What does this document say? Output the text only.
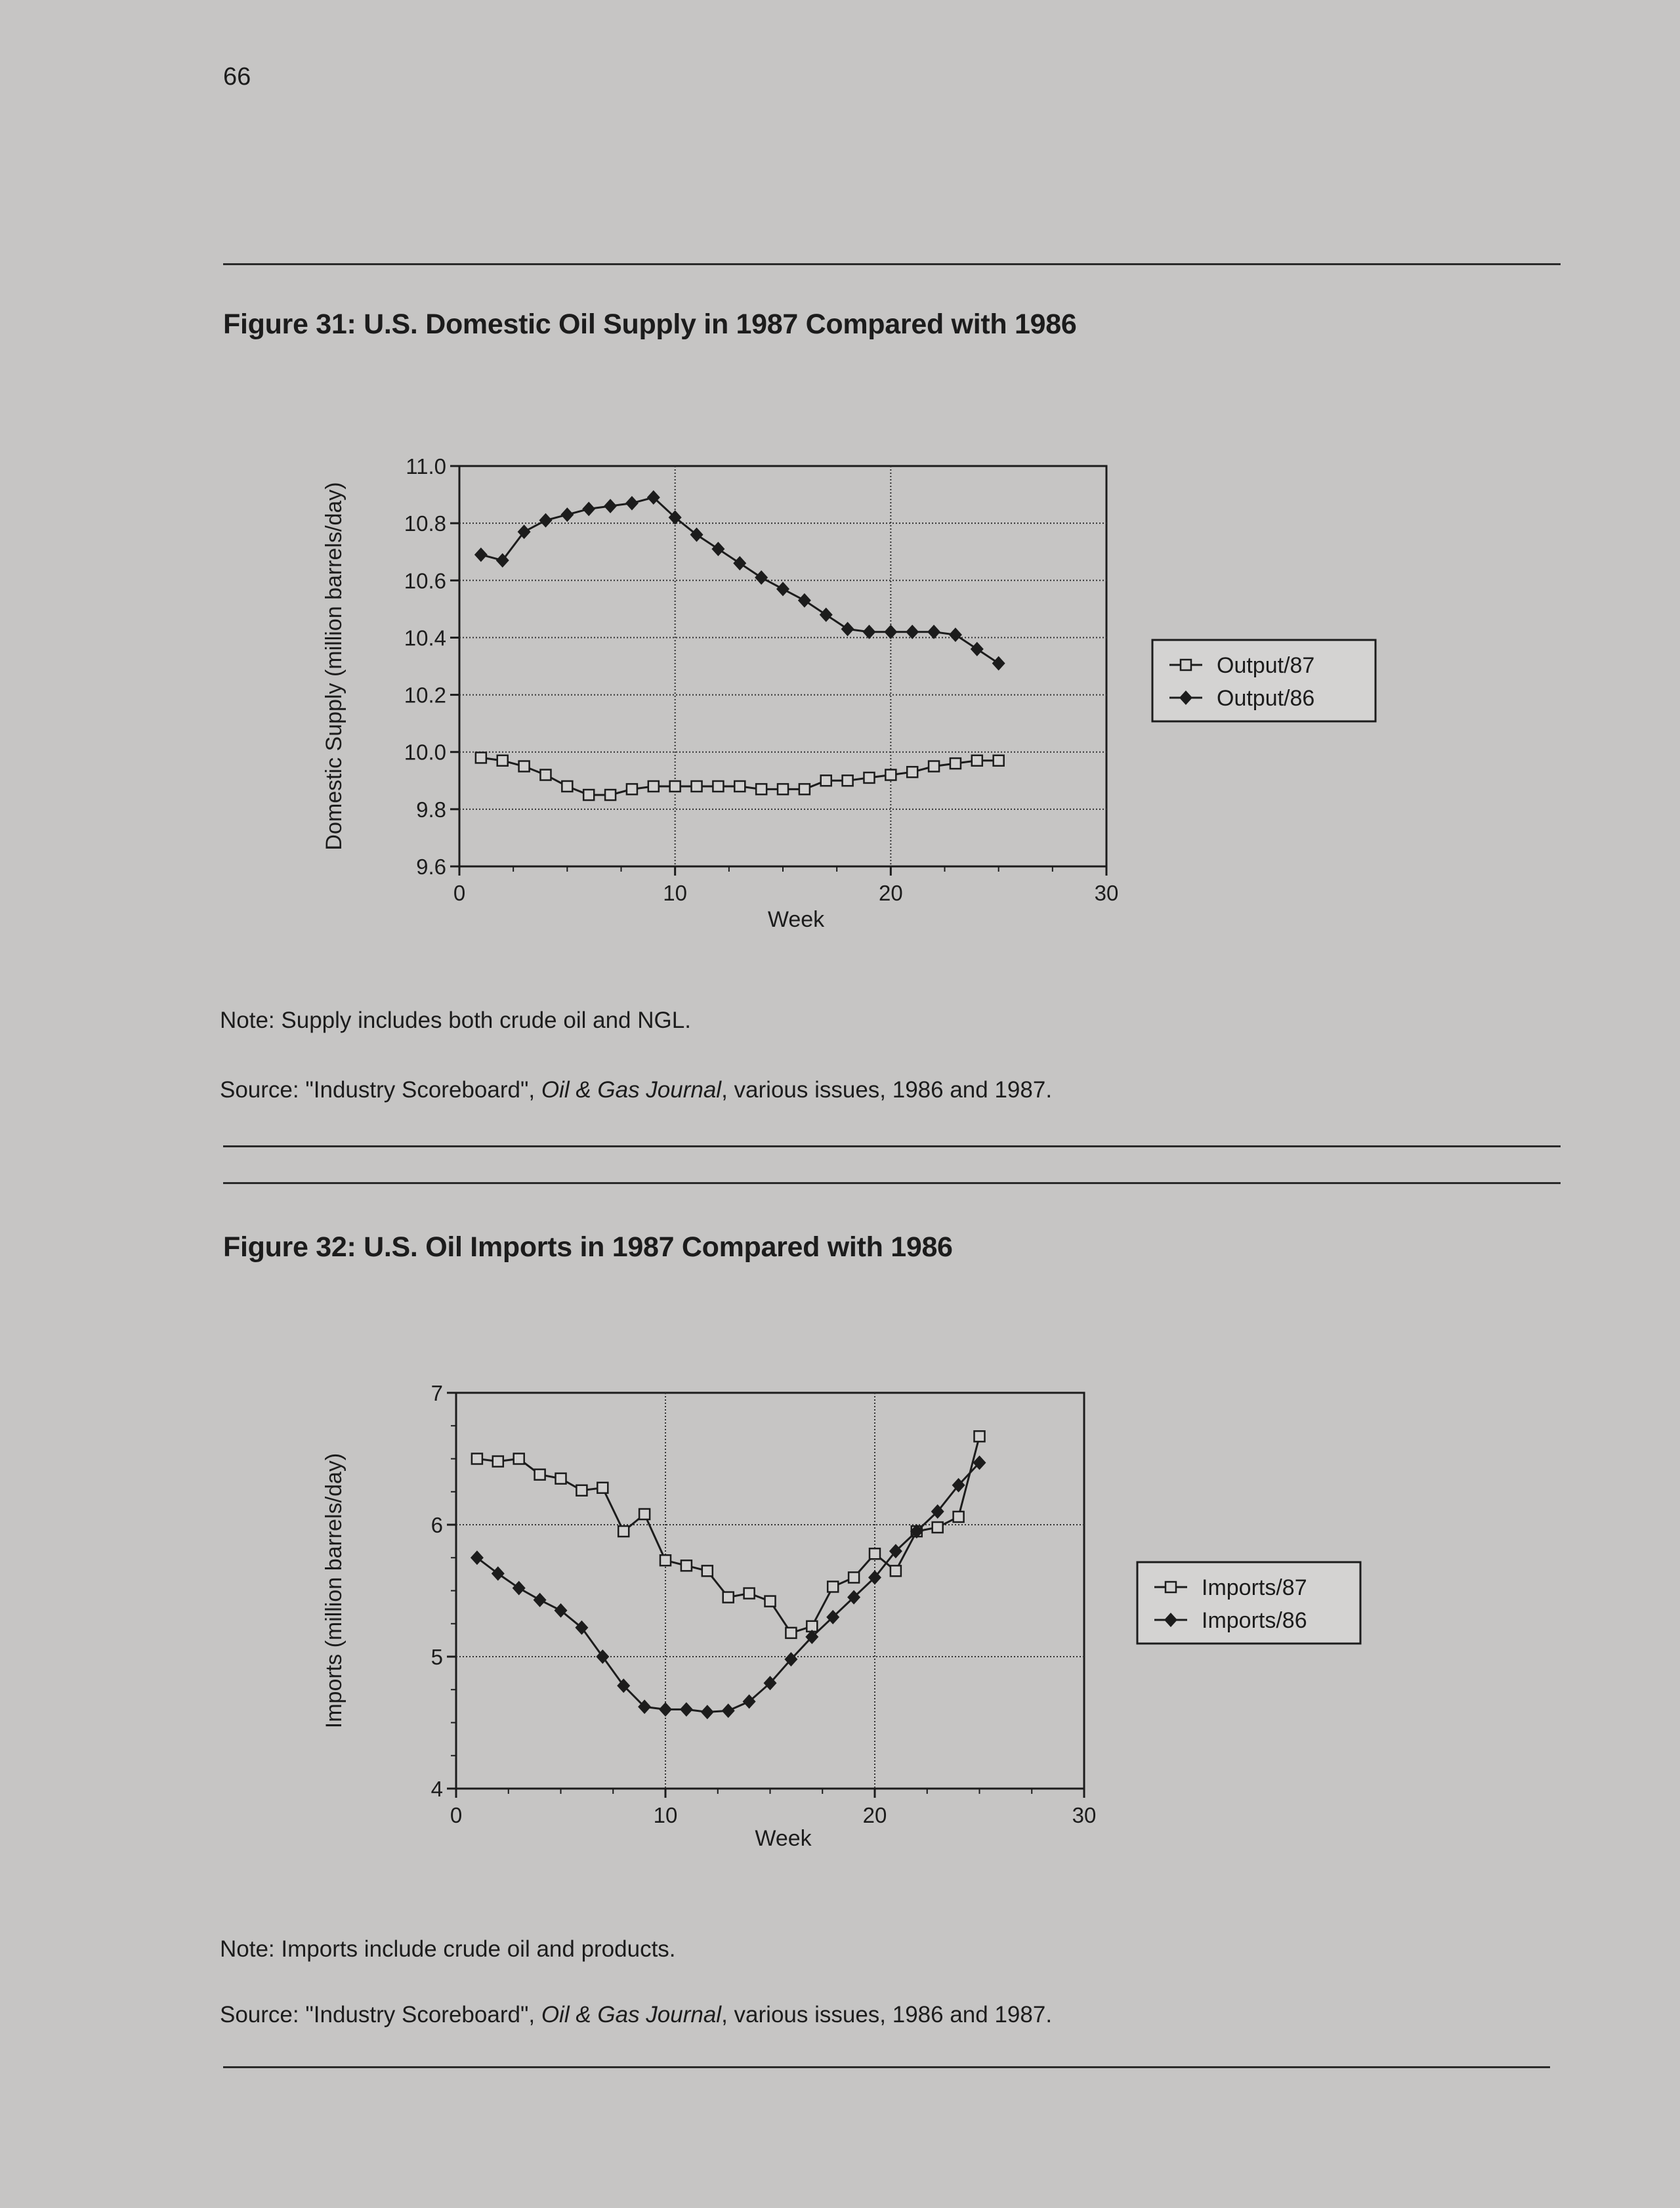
66
Figure 31: U.S. Domestic Oil Supply in 1987 Compared with 1986
9.6
9.8
10.0
10.2
10.4
10.6
10.8
11.0
0	10	20	30
Week
Domestic Supply (million barrels/day)	Output/87
Output/86
Note: Supply includes both crude oil and NGL.
Source: "Industry Scoreboard", Oil & Gas Journal, various issues, 1986 and 1987.
Figure 32: U.S. Oil Imports in 1987 Compared with 1986
4
5
6
7
0	10	20	30
Week
Imports (million barrels/day)	Imports/87
Imports/86
Note: Imports include crude oil and products.
Source: "Industry Scoreboard", Oil & Gas Journal, various issues, 1986 and 1987.
